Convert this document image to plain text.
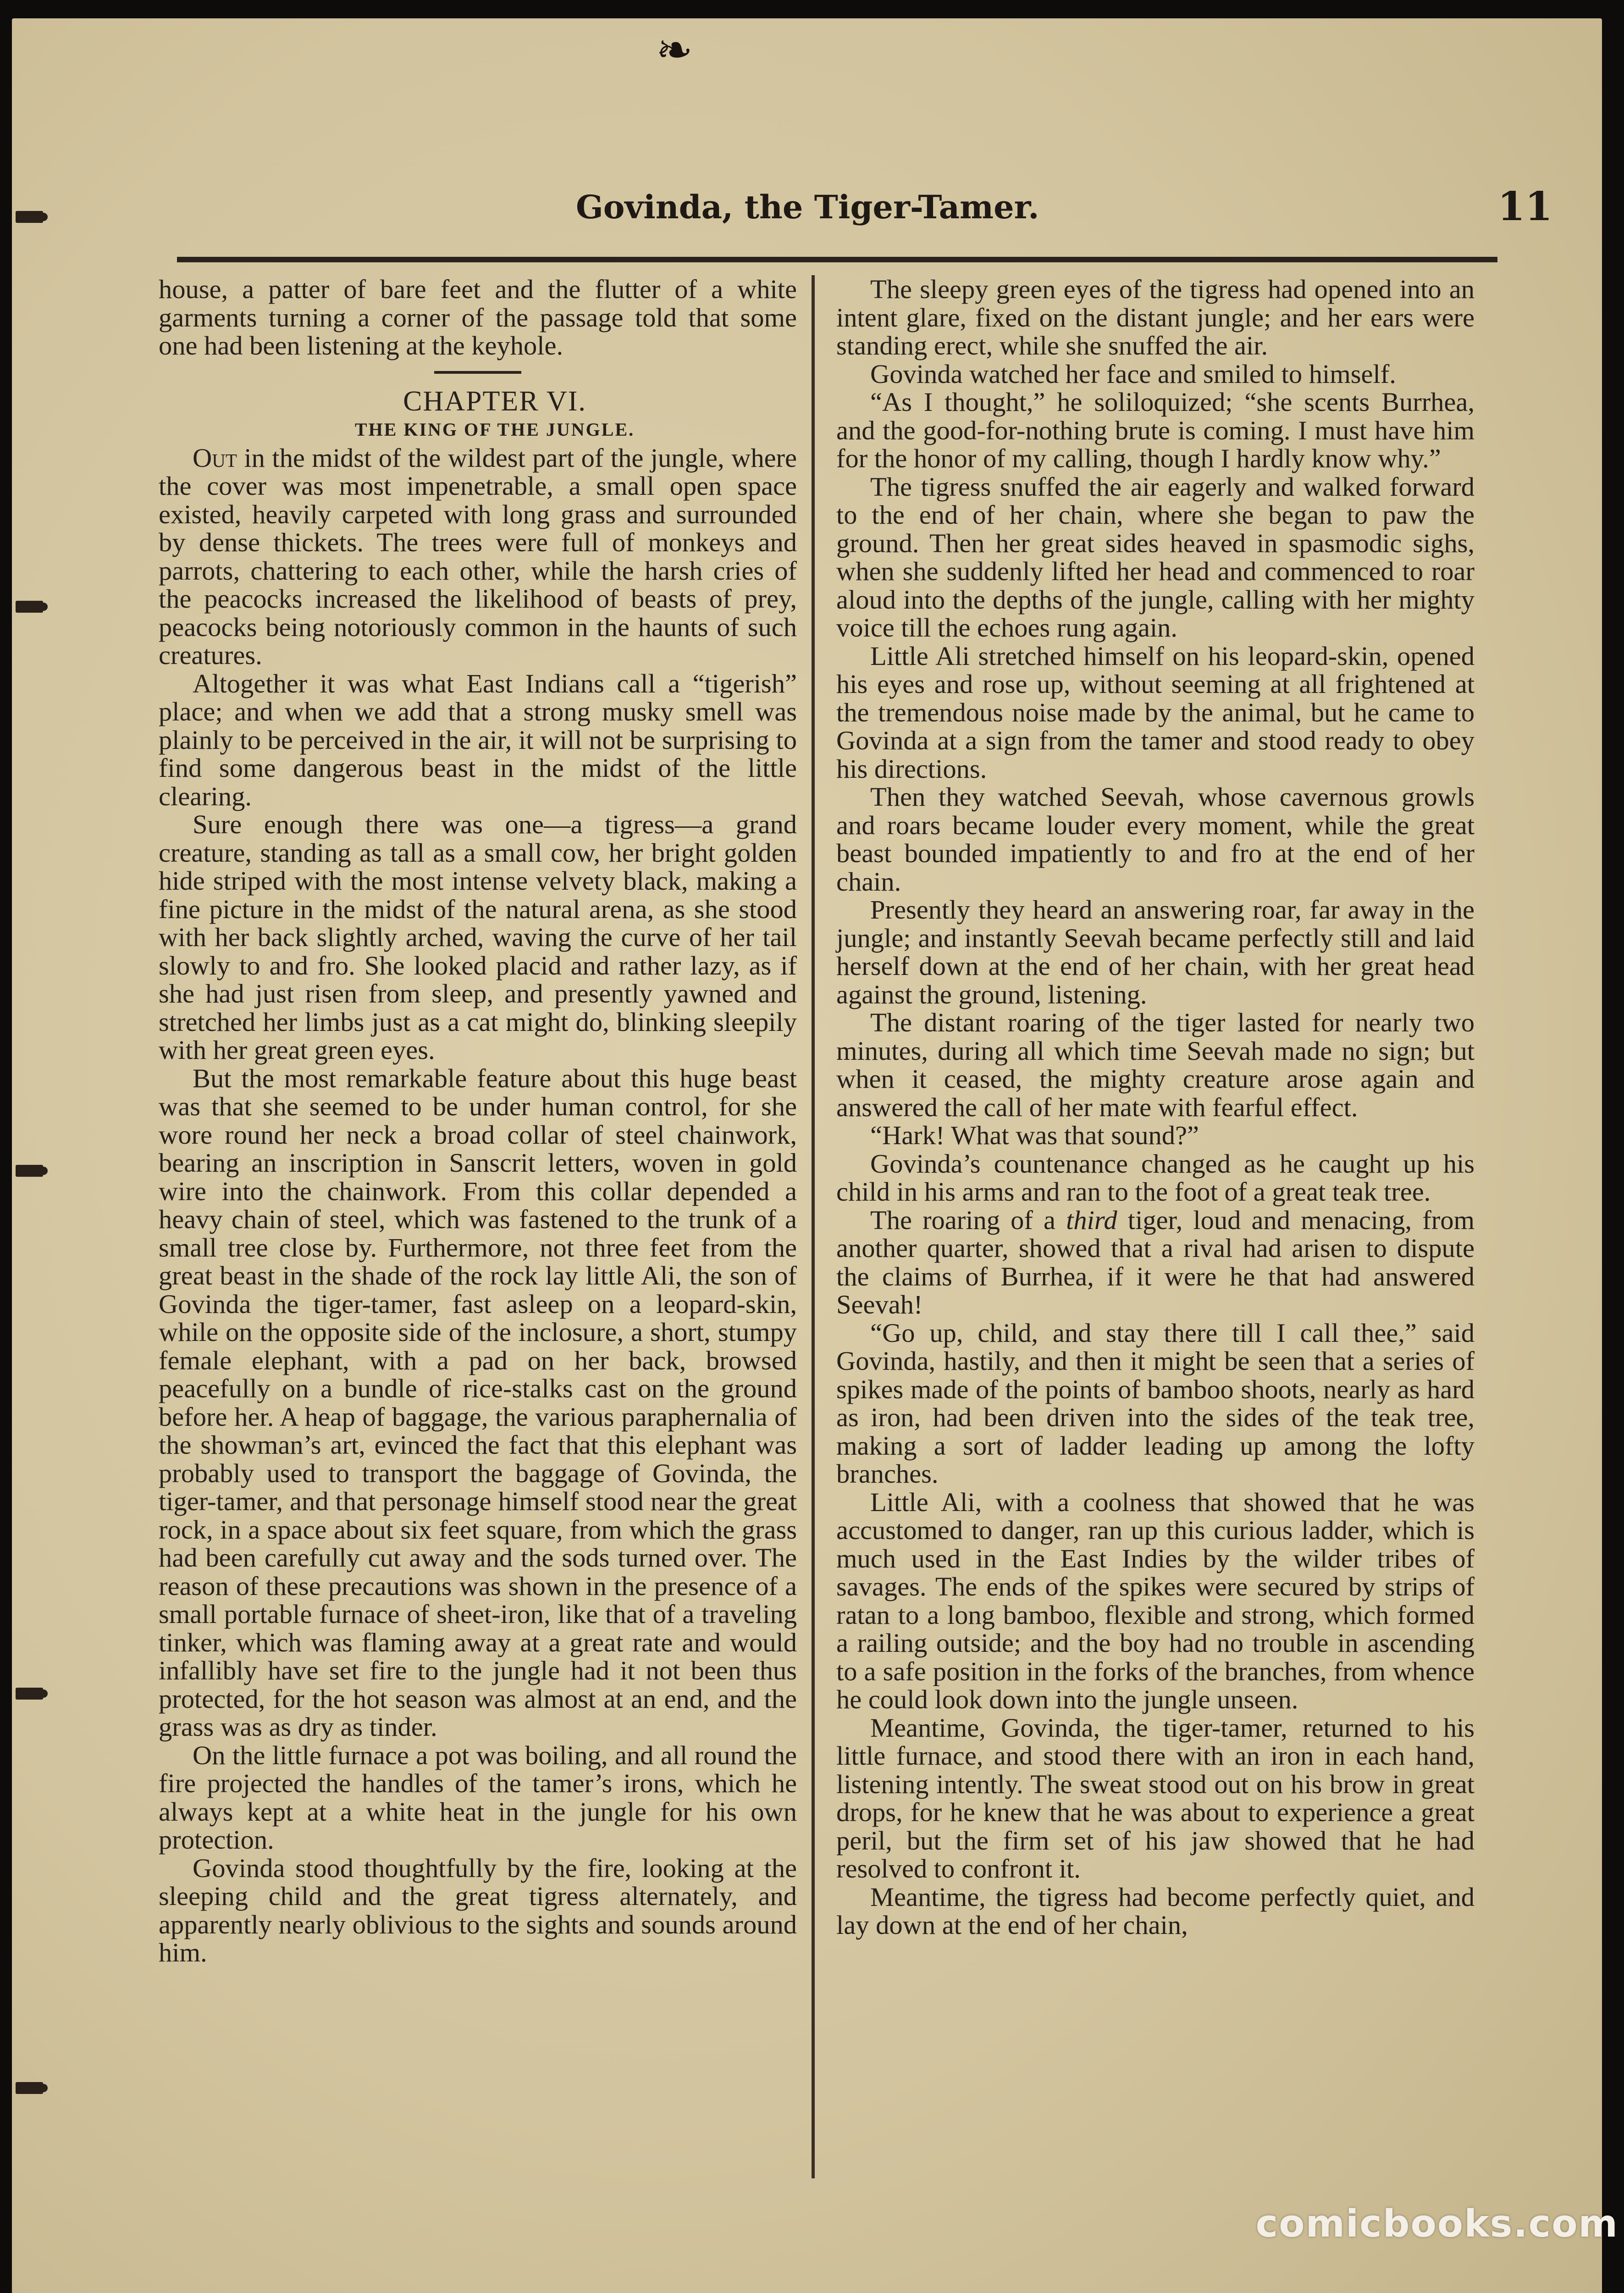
❧
Govinda, the Tiger-Tamer.	11

house, a patter of bare feet and the flutter of a white garments turning a corner of the passage told that some one had been listening at the keyhole.

CHAPTER VI.

THE KING OF THE JUNGLE.

Out in the midst of the wildest part of the jungle, where the cover was most impenetrable, a small open space existed, heavily carpeted with long grass and surrounded by dense thickets. The trees were full of monkeys and parrots, chattering to each other, while the harsh cries of the peacocks increased the likelihood of beasts of prey, peacocks being notoriously common in the haunts of such creatures.

Altogether it was what East Indians call a “tigerish” place; and when we add that a strong musky smell was plainly to be perceived in the air, it will not be surprising to find some dangerous beast in the midst of the little clearing.

Sure enough there was one—a tigress—a grand creature, standing as tall as a small cow, her bright golden hide striped with the most intense velvety black, making a fine picture in the midst of the natural arena, as she stood with her back slightly arched, waving the curve of her tail slowly to and fro. She looked placid and rather lazy, as if she had just risen from sleep, and presently yawned and stretched her limbs just as a cat might do, blinking sleepily with her great green eyes.

But the most remarkable feature about this huge beast was that she seemed to be under human control, for she wore round her neck a broad collar of steel chainwork, bearing an inscription in Sanscrit letters, woven in gold wire into the chainwork. From this collar depended a heavy chain of steel, which was fastened to the trunk of a small tree close by. Furthermore, not three feet from the great beast in the shade of the rock lay little Ali, the son of Govinda the tiger-tamer, fast asleep on a leopard-skin, while on the opposite side of the inclosure, a short, stumpy female elephant, with a pad on her back, browsed peacefully on a bundle of rice-stalks cast on the ground before her. A heap of baggage, the various paraphernalia of the showman’s art, evinced the fact that this elephant was probably used to transport the baggage of Govinda, the tiger-tamer, and that personage himself stood near the great rock, in a space about six feet square, from which the grass had been carefully cut away and the sods turned over. The reason of these precautions was shown in the presence of a small portable furnace of sheet-iron, like that of a traveling tinker, which was flaming away at a great rate and would infallibly have set fire to the jungle had it not been thus protected, for the hot season was almost at an end, and the grass was as dry as tinder.

On the little furnace a pot was boiling, and all round the fire projected the handles of the tamer’s irons, which he always kept at a white heat in the jungle for his own protection.

Govinda stood thoughtfully by the fire, looking at the sleeping child and the great tigress alternately, and apparently nearly oblivious to the sights and sounds around him.

The sleepy green eyes of the tigress had opened into an intent glare, fixed on the distant jungle; and her ears were standing erect, while she snuffed the air.

Govinda watched her face and smiled to himself.

“As I thought,” he soliloquized; “she scents Burrhea, and the good-for-nothing brute is coming. I must have him for the honor of my calling, though I hardly know why.”

The tigress snuffed the air eagerly and walked forward to the end of her chain, where she began to paw the ground. Then her great sides heaved in spasmodic sighs, when she suddenly lifted her head and commenced to roar aloud into the depths of the jungle, calling with her mighty voice till the echoes rung again.

Little Ali stretched himself on his leopard-skin, opened his eyes and rose up, without seeming at all frightened at the tremendous noise made by the animal, but he came to Govinda at a sign from the tamer and stood ready to obey his directions.

Then they watched Seevah, whose cavernous growls and roars became louder every moment, while the great beast bounded impatiently to and fro at the end of her chain.

Presently they heard an answering roar, far away in the jungle; and instantly Seevah became perfectly still and laid herself down at the end of her chain, with her great head against the ground, listening.

The distant roaring of the tiger lasted for nearly two minutes, during all which time Seevah made no sign; but when it ceased, the mighty creature arose again and answered the call of her mate with fearful effect.

“Hark! What was that sound?”

Govinda’s countenance changed as he caught up his child in his arms and ran to the foot of a great teak tree.

The roaring of a third tiger, loud and menacing, from another quarter, showed that a rival had arisen to dispute the claims of Burrhea, if it were he that had answered Seevah!

“Go up, child, and stay there till I call thee,” said Govinda, hastily, and then it might be seen that a series of spikes made of the points of bamboo shoots, nearly as hard as iron, had been driven into the sides of the teak tree, making a sort of ladder leading up among the lofty branches.

Little Ali, with a coolness that showed that he was accustomed to danger, ran up this curious ladder, which is much used in the East Indies by the wilder tribes of savages. The ends of the spikes were secured by strips of ratan to a long bamboo, flexible and strong, which formed a railing outside; and the boy had no trouble in ascending to a safe position in the forks of the branches, from whence he could look down into the jungle unseen.

Meantime, Govinda, the tiger-tamer, returned to his little furnace, and stood there with an iron in each hand, listening intently. The sweat stood out on his brow in great drops, for he knew that he was about to experience a great peril, but the firm set of his jaw showed that he had resolved to confront it.

Meantime, the tigress had become perfectly quiet, and lay down at the end of her chain,

comicbooks.com
